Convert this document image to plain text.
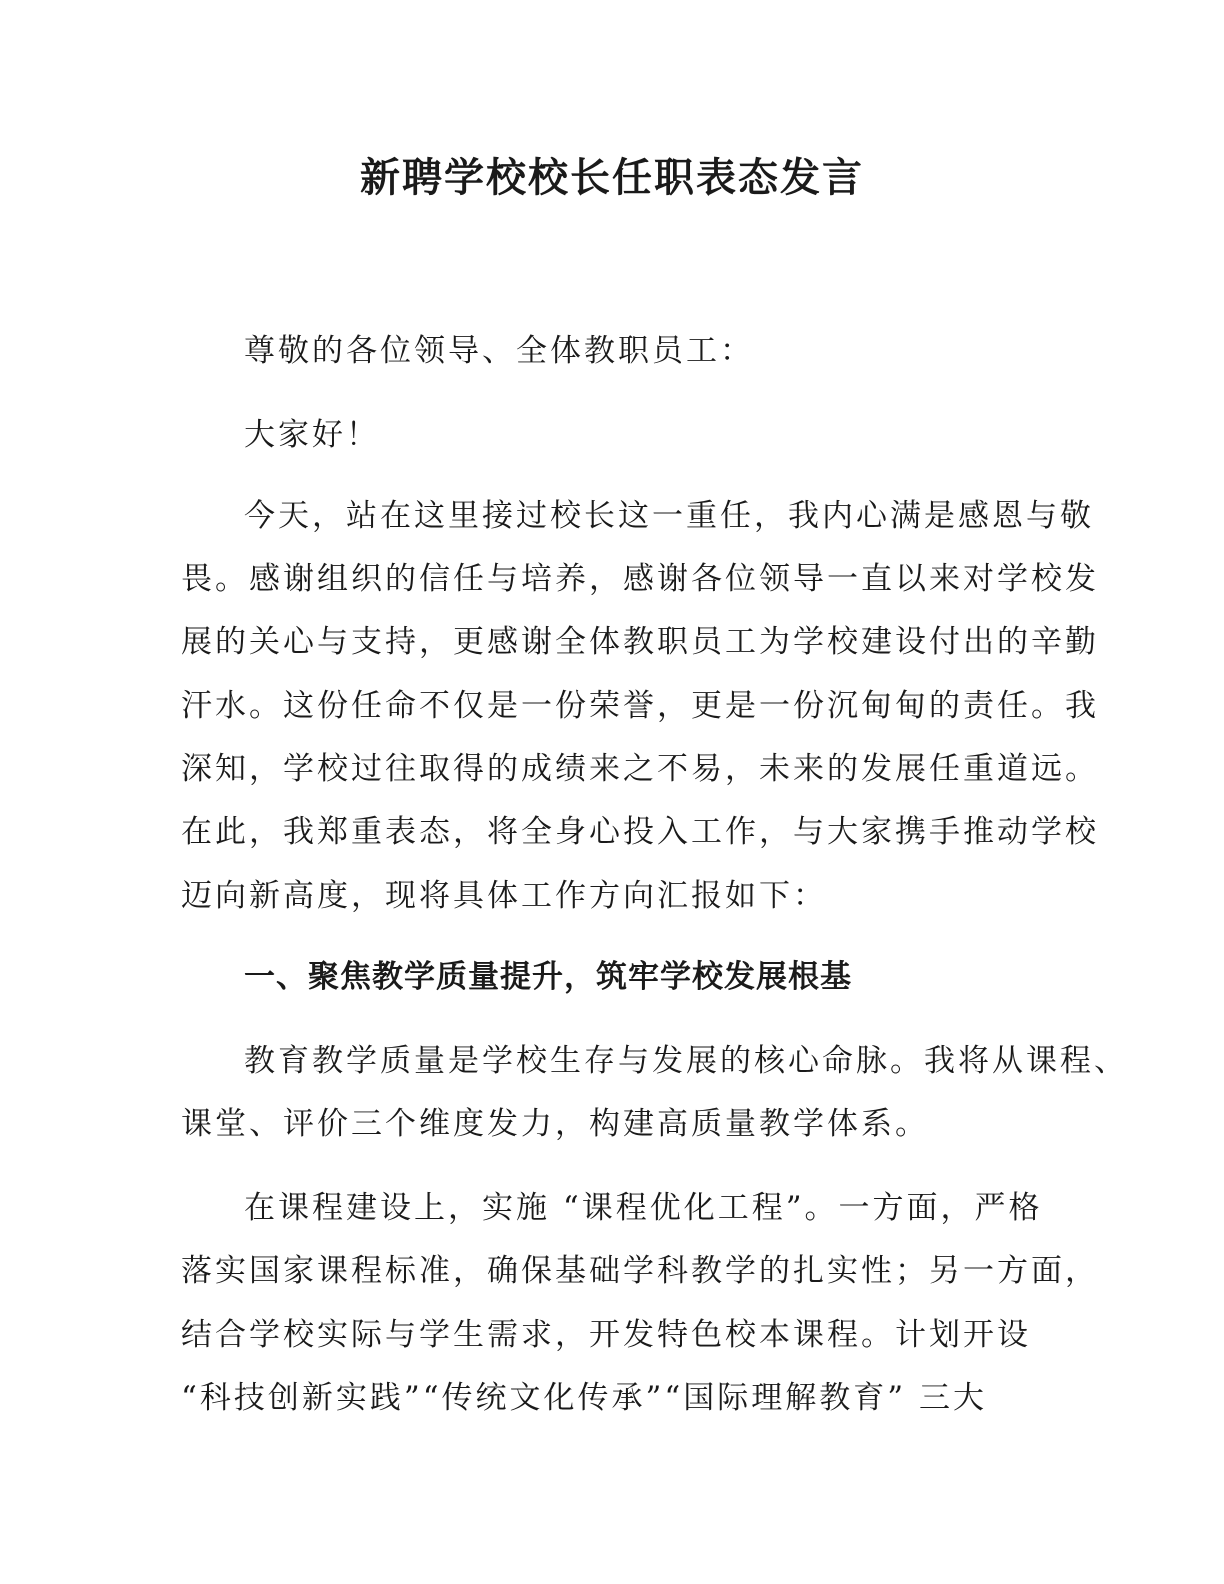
新聘学校校长任职表态发言
尊敬的各位领导、全体教职员工：
大家好！
今天，站在这里接过校长这一重任，我内心满是感恩与敬
畏。感谢组织的信任与培养，感谢各位领导一直以来对学校发
展的关心与支持，更感谢全体教职员工为学校建设付出的辛勤
汗水。这份任命不仅是一份荣誉，更是一份沉甸甸的责任。我
深知，学校过往取得的成绩来之不易，未来的发展任重道远。
在此，我郑重表态，将全身心投入工作，与大家携手推动学校
迈向新高度，现将具体工作方向汇报如下：
一、聚焦教学质量提升，筑牢学校发展根基
教育教学质量是学校生存与发展的核心命脉。我将从课程、
课堂、评价三个维度发力，构建高质量教学体系。
在课程建设上，实施 “课程优化工程”。一方面，严格
落实国家课程标准，确保基础学科教学的扎实性；另一方面，
结合学校实际与学生需求，开发特色校本课程。计划开设
“科技创新实践”“传统文化传承”“国际理解教育” 三大
